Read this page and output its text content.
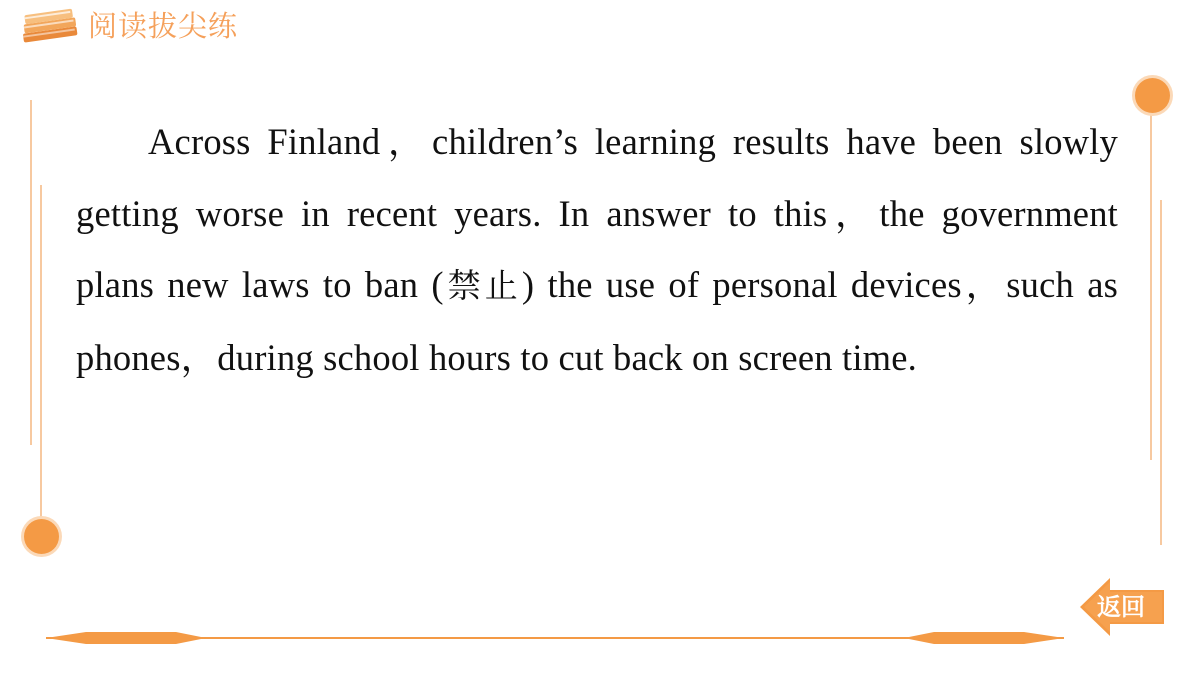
阅读拔尖练

Across Finland，children’s learning results have been slowly getting worse in recent years. In answer to this，the government plans new laws to ban (禁止) the use of personal devices，such as phones，during school hours to cut back on screen time.

返回
